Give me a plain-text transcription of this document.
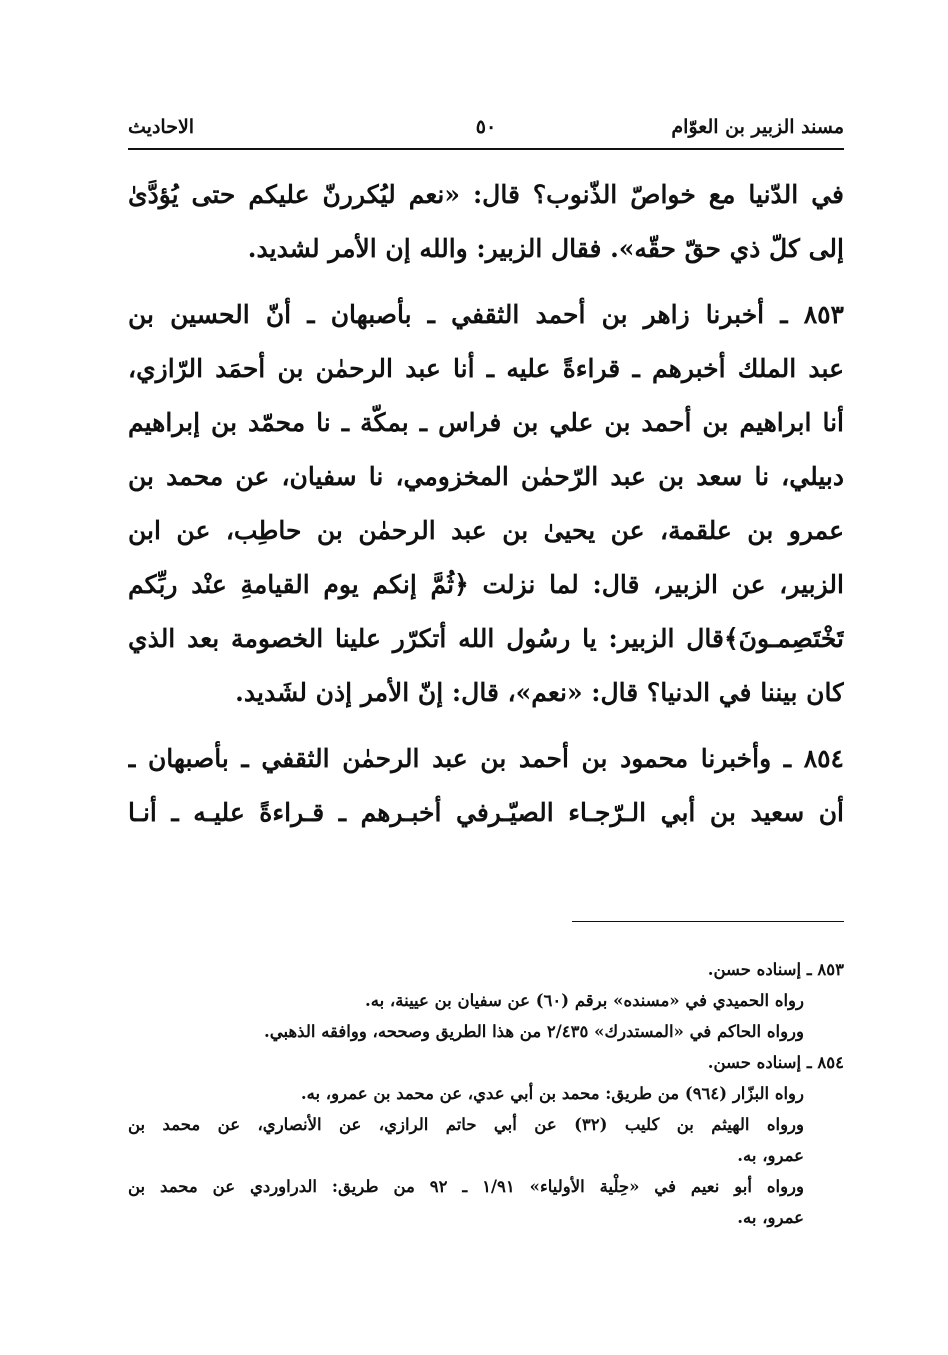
مسند الزبير بن العوّام
٥٠
الاحاديث
في الدّنيا مع خواصّ الذّنوب؟ قال: «نعم ليُكررنّ عليكم حتى يُؤدَّىٰ
إلى كلّ ذي حقّ حقّه». فقال الزبير: والله إن الأمر لشديد.
٨٥٣ ـ أخبرنا زاهر بن أحمد الثقفي ـ بأصبهان ـ أنّ الحسين بن
عبد الملك أخبرهم ـ قراءةً عليه ـ أنا عبد الرحمٰن بن أحمَد الرّازي،
أنا ابراهيم بن أحمد بن علي بن فراس ـ بمكّة ـ نا محمّد بن إبراهيم
دبيلي، نا سعد بن عبد الرّحمٰن المخزومي، نا سفيان، عن محمد بن
عمرو بن علقمة، عن يحيىٰ بن عبد الرحمٰن بن حاطِب، عن ابن
الزبير، عن الزبير، قال: لما نزلت ﴿ثُمَّ إنكم يوم القيامةِ عنْد ربِّكم
تَخْتَصِمـونَ﴾قال الزبير: يا رسُول الله أتكرّر علينا الخصومة بعد الذي
كان بيننا في الدنيا؟ قال: «نعم»، قال: إنّ الأمر إذن لشَديد.
٨٥٤ ـ وأخبرنا محمود بن أحمد بن عبد الرحمٰن الثقفي ـ بأصبهان ـ
أن سعيد بن أبي الـرّجـاء الصيّـرفي أخبـرهم ـ قـراءةً عليـه ـ أنـا
٨٥٣ ـ إسناده حسن.
رواه الحميدي في «مسنده» برقم (٦٠) عن سفيان بن عيينة، به.
ورواه الحاكم في «المستدرك» ٢/٤٣٥ من هذا الطريق وصححه، ووافقه الذهبي.
٨٥٤ ـ إسناده حسن.
رواه البزّار (٩٦٤) من طريق: محمد بن أبي عدي، عن محمد بن عمرو، به.
ورواه الهيثم بن كليب (٣٢) عن أبي حاتم الرازي، عن الأنصاري، عن محمد بن
عمرو، به.
ورواه أبو نعيم في «حِلْية الأولياء» ١/٩١ ـ ٩٢ من طريق: الدراوردي عن محمد بن
عمرو، به.
